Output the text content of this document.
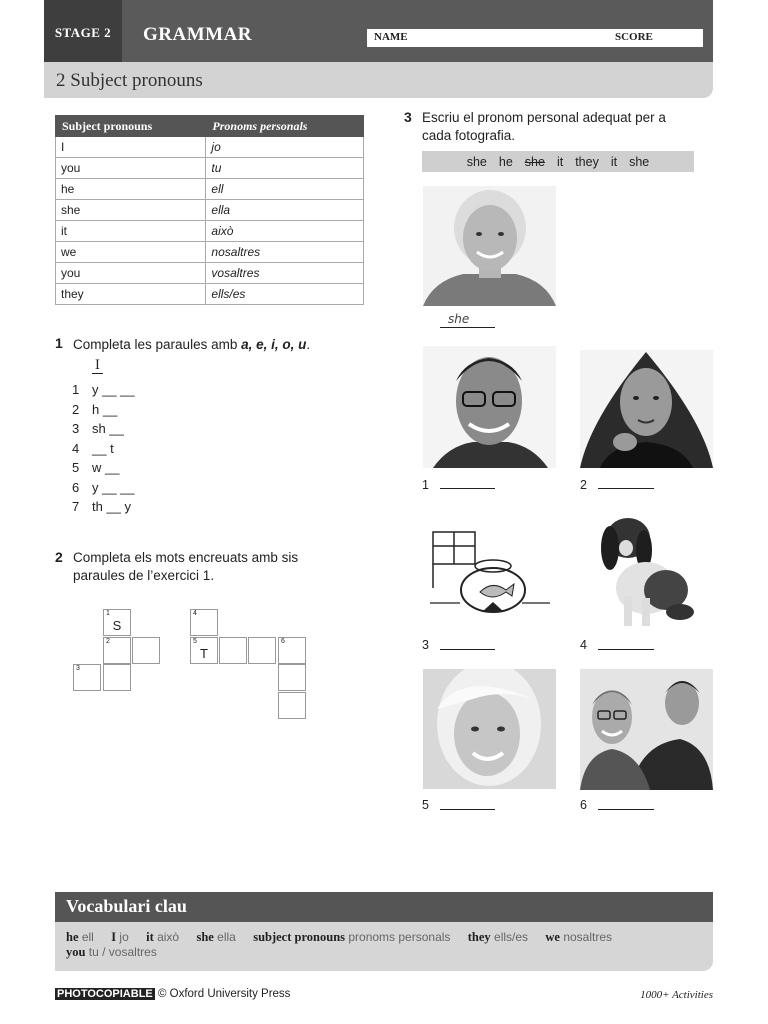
STAGE 2	GRAMMAR	NAME	SCORE
2 Subject pronouns
Subject pronouns	Pronoms personals
I	jo
you	tu
he	ell
she	ella
it	això
we	nosaltres
you	vosaltres
they	ells/es
1 Completa les paraules amb a, e, i, o, u.
I
1 y __ __
2 h __
3 sh __
4 __ t
5 w __
6 y __ __
7 th __ y
2 Completa els mots encreuats amb sis
paraules de l’exercici 1.
1
S
2
3
4
5
T
6
3 Escriu el pronom personal adequat per a
cada fotografia.
she he she it they it she
she
1	2
3	4
5	6
Vocabulari clau
he ell I jo it això she ella subject pronouns pronoms personals they ells/es we nosaltres
you tu / vosaltres
PHOTOCOPIABLE © Oxford University Press	1000+ Activities
